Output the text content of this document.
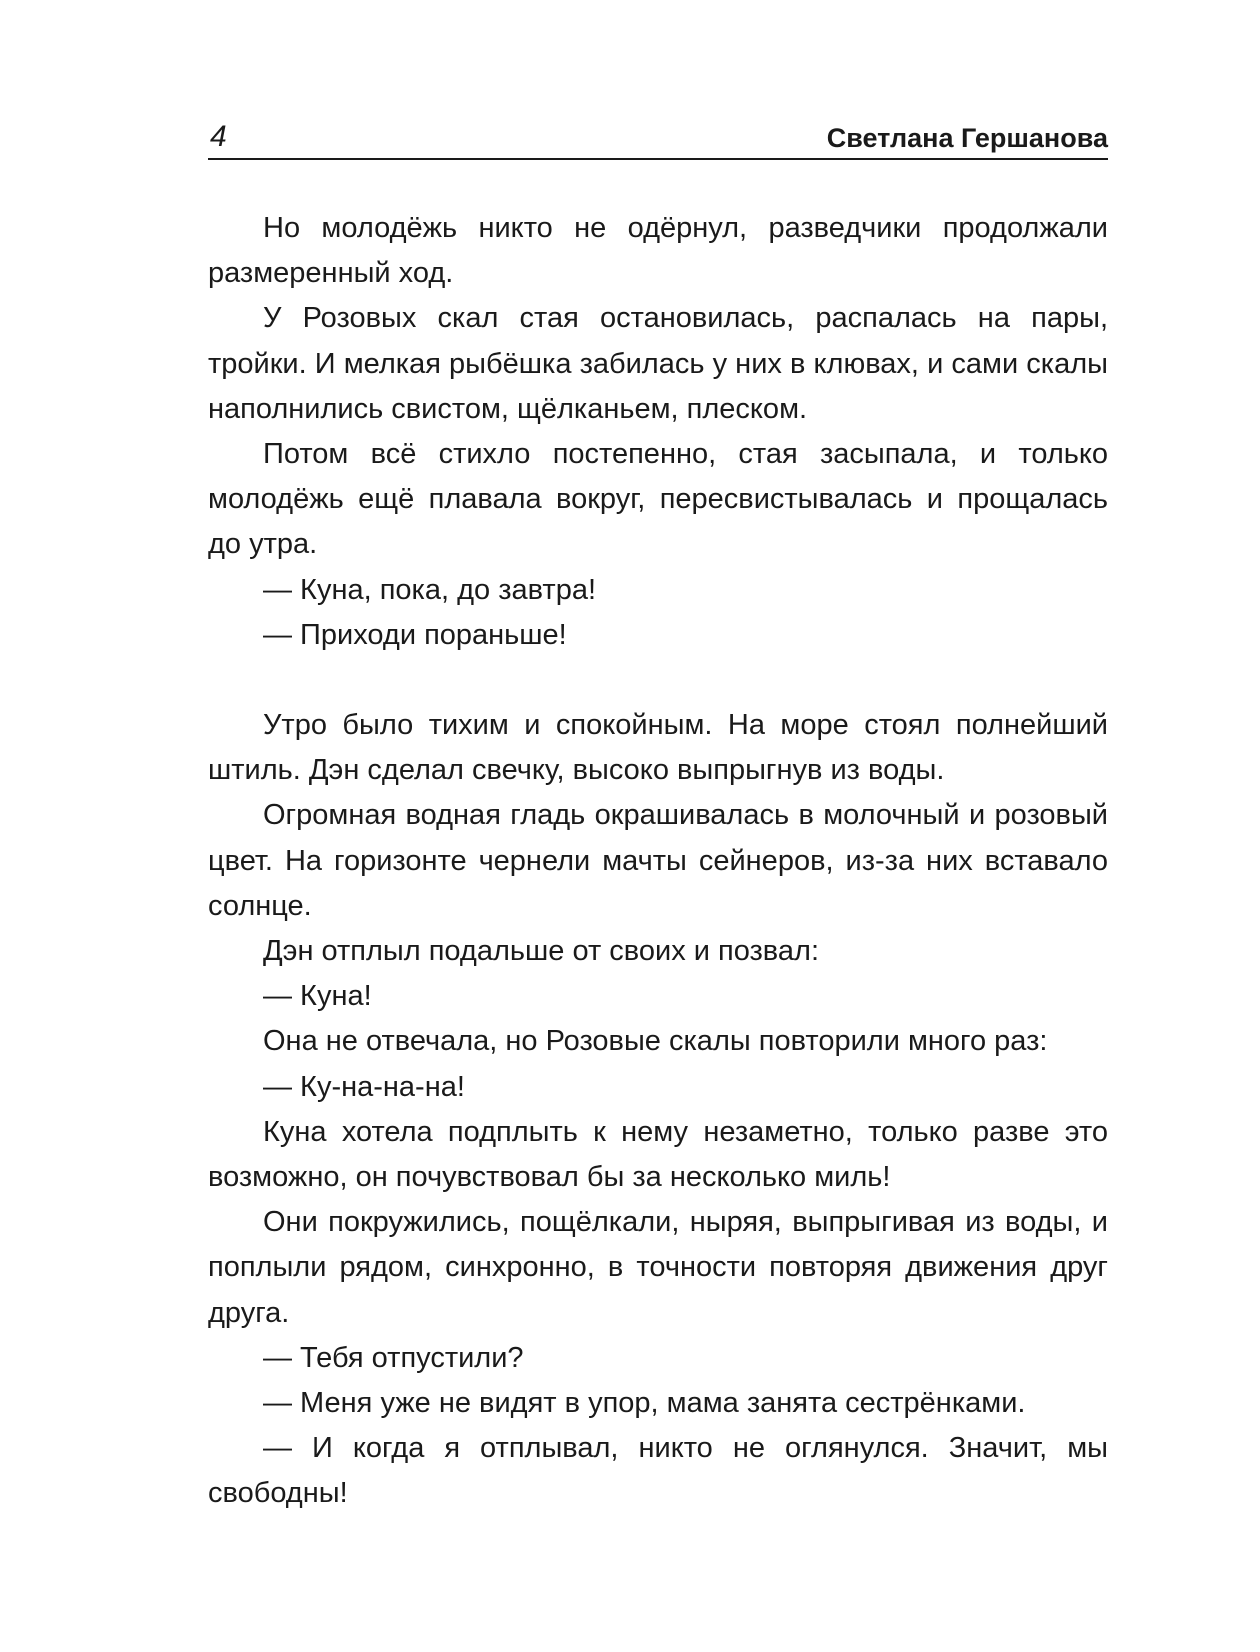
4	Светлана Гершанова

Но молодёжь никто не одёрнул, разведчики продолжали размеренный ход.

У Розовых скал стая остановилась, распалась на пары, тройки. И мелкая рыбёшка забилась у них в клювах, и сами скалы наполнились свистом, щёлканьем, плеском.

Потом всё стихло постепенно, стая засыпала, и только молодёжь ещё плавала вокруг, пересвистывалась и прощалась до утра.

— Куна, пока, до завтра!

— Приходи пораньше!

Утро было тихим и спокойным. На море стоял полнейший штиль. Дэн сделал свечку, высоко выпрыгнув из воды.

Огромная водная гладь окрашивалась в молочный и розовый цвет. На горизонте чернели мачты сейнеров, из-за них вставало солнце.

Дэн отплыл подальше от своих и позвал:

— Куна!

Она не отвечала, но Розовые скалы повторили много раз:

— Ку-на-на-на!

Куна хотела подплыть к нему незаметно, только разве это возможно, он почувствовал бы за несколько миль!

Они покружились, пощёлкали, ныряя, выпрыгивая из воды, и поплыли рядом, синхронно, в точности повторяя движения друг друга.

— Тебя отпустили?

— Меня уже не видят в упор, мама занята сестрёнками.

— И когда я отплывал, никто не оглянулся. Значит, мы свободны!
